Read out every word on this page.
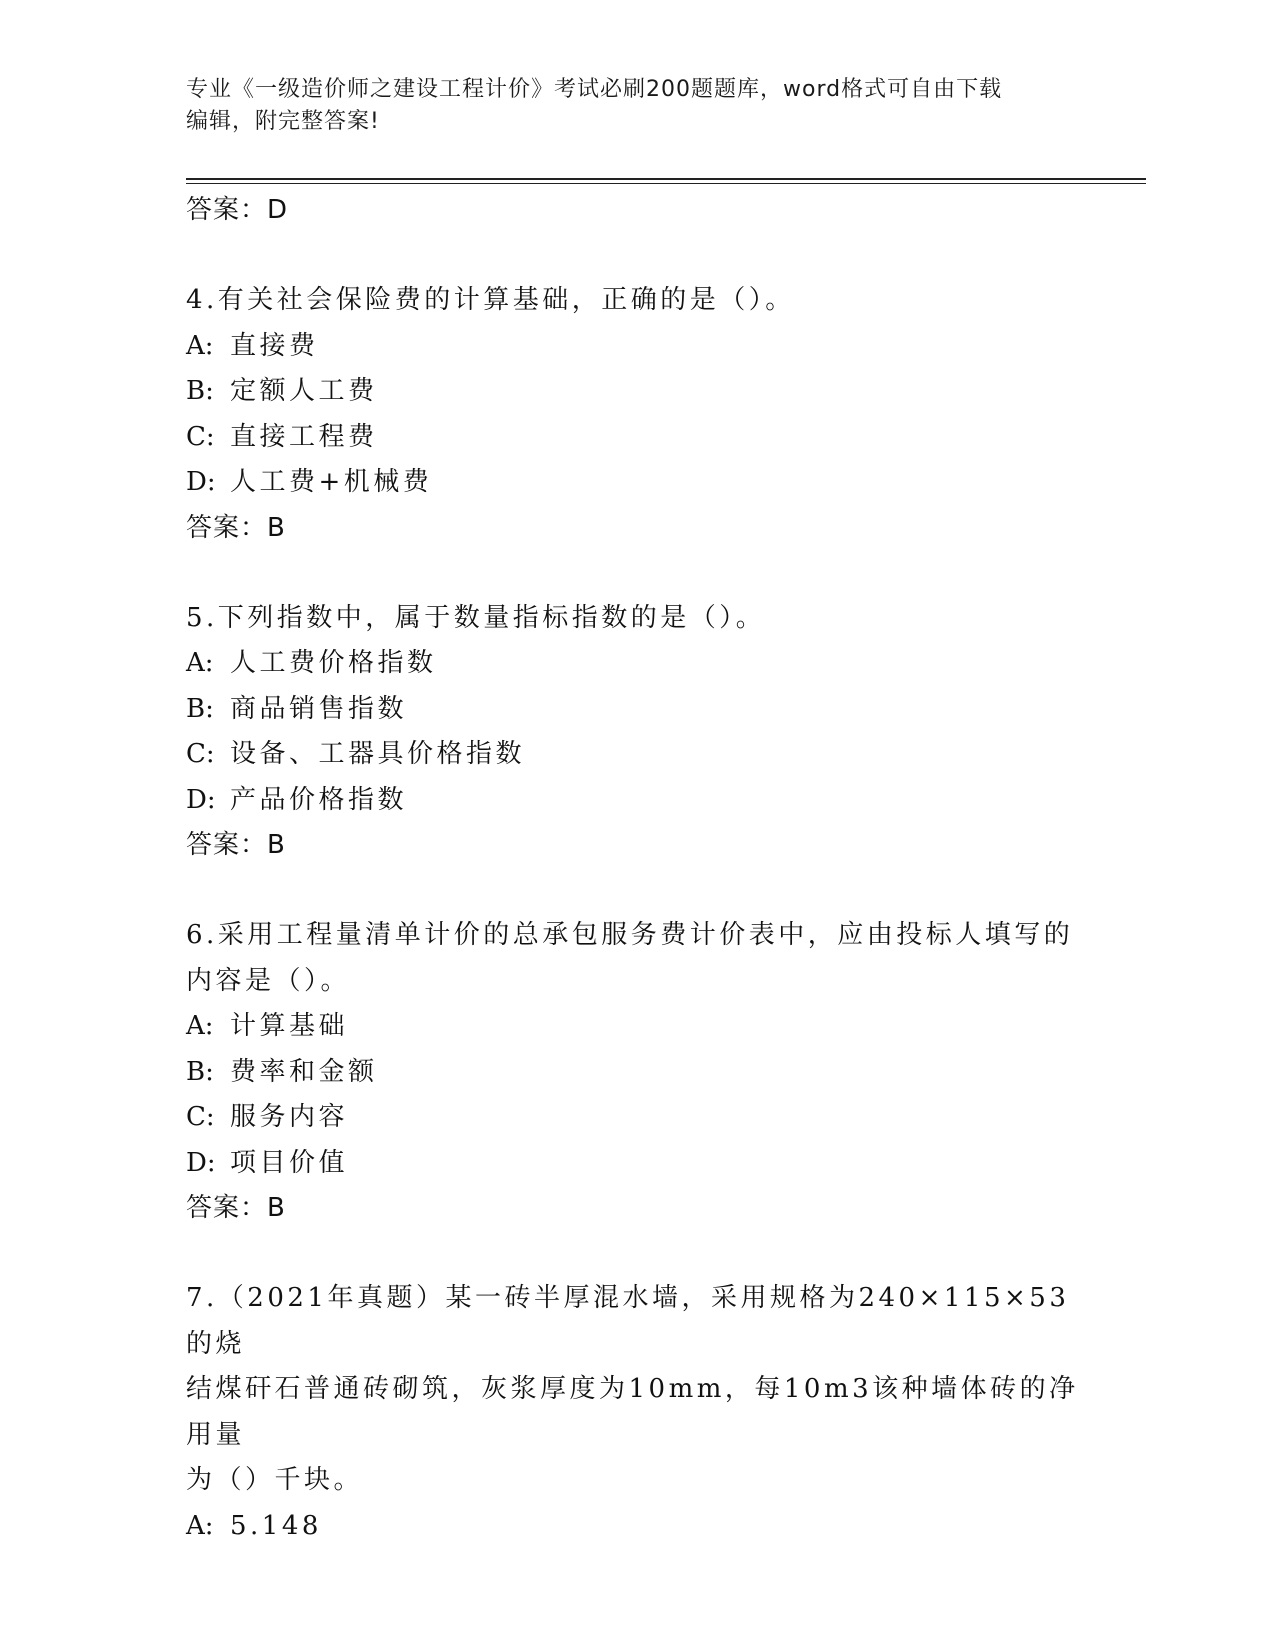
专业《一级造价师之建设工程计价》考试必刷200题题库，word格式可自由下载
编辑，附完整答案!
答案：D
4.有关社会保险费的计算基础，正确的是（）。
A: 直接费
B: 定额人工费
C: 直接工程费
D: 人工费+机械费
答案：B
5.下列指数中，属于数量指标指数的是（）。
A: 人工费价格指数
B: 商品销售指数
C: 设备、工器具价格指数
D: 产品价格指数
答案：B
6.采用工程量清单计价的总承包服务费计价表中，应由投标人填写的
内容是（）。
A: 计算基础
B: 费率和金额
C: 服务内容
D: 项目价值
答案：B
7.（2021年真题）某一砖半厚混水墙，采用规格为240×115×53的烧
结煤矸石普通砖砌筑，灰浆厚度为10mm，每10m3该种墙体砖的净用量
为（）千块。
A: 5.148
